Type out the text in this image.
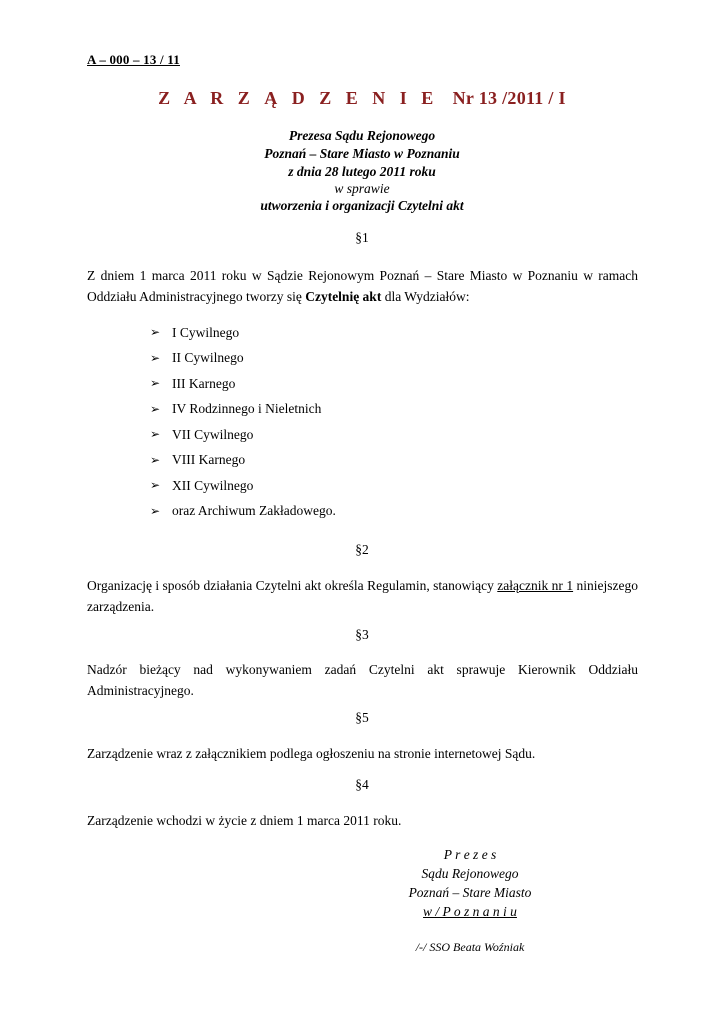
A – 000 – 13 / 11
Z A R Z Ą D Z E N I E Nr 13 /2011 / I
Prezesa Sądu Rejonowego
Poznań – Stare Miasto w Poznaniu
z dnia 28 lutego 2011 roku
w sprawie
utworzenia i organizacji Czytelni akt
§1
Z dniem 1 marca 2011 roku w Sądzie Rejonowym Poznań – Stare Miasto w Poznaniu w ramach Oddziału Administracyjnego tworzy się Czytelnię akt dla Wydziałów:
➢ I Cywilnego
➢ II Cywilnego
➢ III Karnego
➢ IV Rodzinnego i Nieletnich
➢ VII Cywilnego
➢ VIII Karnego
➢ XII Cywilnego
➢ oraz Archiwum Zakładowego.
§2
Organizację i sposób działania Czytelni akt określa Regulamin, stanowiący załącznik nr 1 niniejszego zarządzenia.
§3
Nadzór bieżący nad wykonywaniem zadań Czytelni akt sprawuje Kierownik Oddziału Administracyjnego.
§5
Zarządzenie wraz z załącznikiem podlega ogłoszeniu na stronie internetowej Sądu.
§4
Zarządzenie wchodzi w życie z dniem 1 marca 2011 roku.
P r e z e s
Sądu Rejonowego
Poznań – Stare Miasto
w / P o z n a n i u
/-/ SSO Beata Woźniak
